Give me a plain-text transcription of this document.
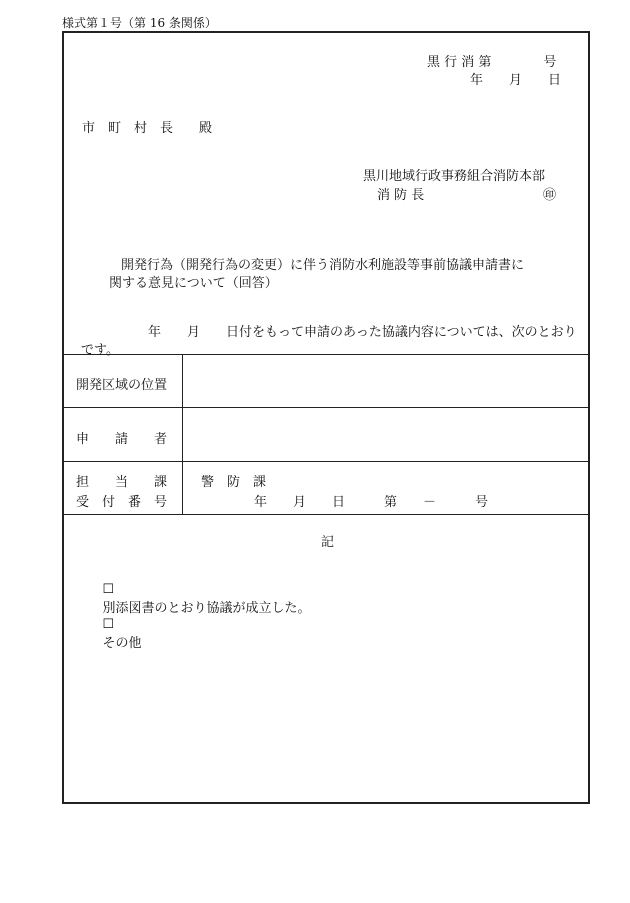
様式第１号（第 16 条関係）
黒 行 消 第　　　　号
年　　月　　日
市　町　村　長　　殿
黒川地域行政事務組合消防本部
消 防 長	㊞
開発行為（開発行為の変更）に伴う消防水利施設等事前協議申請書に
関する意見について（回答）
年　　月　　日付をもって申請のあった協議内容については、次のとおり
です。
開発区域の位置
申　　請　　者
担　　当　　課
受　付　番　号
警　防　課
年　　月　　日　　　第　　－　　　号
記

☐
別添図書のとおり協議が成立した。

☐
その他
